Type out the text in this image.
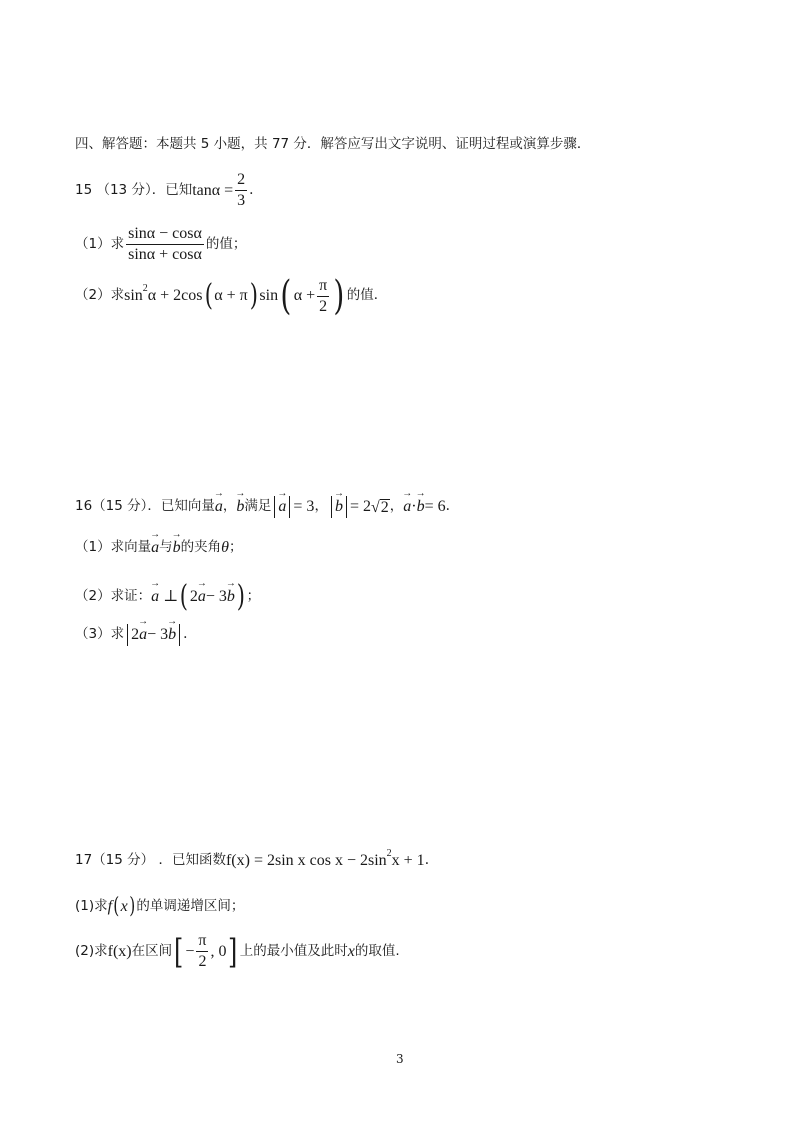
四、解答题：本题共 5 小题，共 77 分．解答应写出文字说明、证明过程或演算步骤．
15 （13 分）．已知 $\tan\alpha = \frac{2}{3}$ .
（1）求 $\frac{\sin\alpha - \cos\alpha}{\sin\alpha + \cos\alpha}$ 的值；
（2）求 sin 2 α + 2cos ( α + π ) sin ( $\alpha + \frac{\pi}{2}$ ) 的值．
16（15 分）．已知向量 → a ， → b 满足 → a = 3 ， → b = 2 √ 2 ， → a · → b = 6 .
（1）求向量 → a 与 → b 的夹角 θ ；
（2）求证： → a ⊥ ( 2 → a − 3 → b ) ；
（3）求 2 → a − 3 → b .
17（15 分） ．已知函数 f(x) = 2sin x cos x − 2sin 2 x + 1 .
(1)求 f ( x ) 的单调递增区间；
(2)求 f(x) 在区间 [ − $\frac{\pi}{2}$ , 0 ] 上的最小值及此时 x 的取值.
3
